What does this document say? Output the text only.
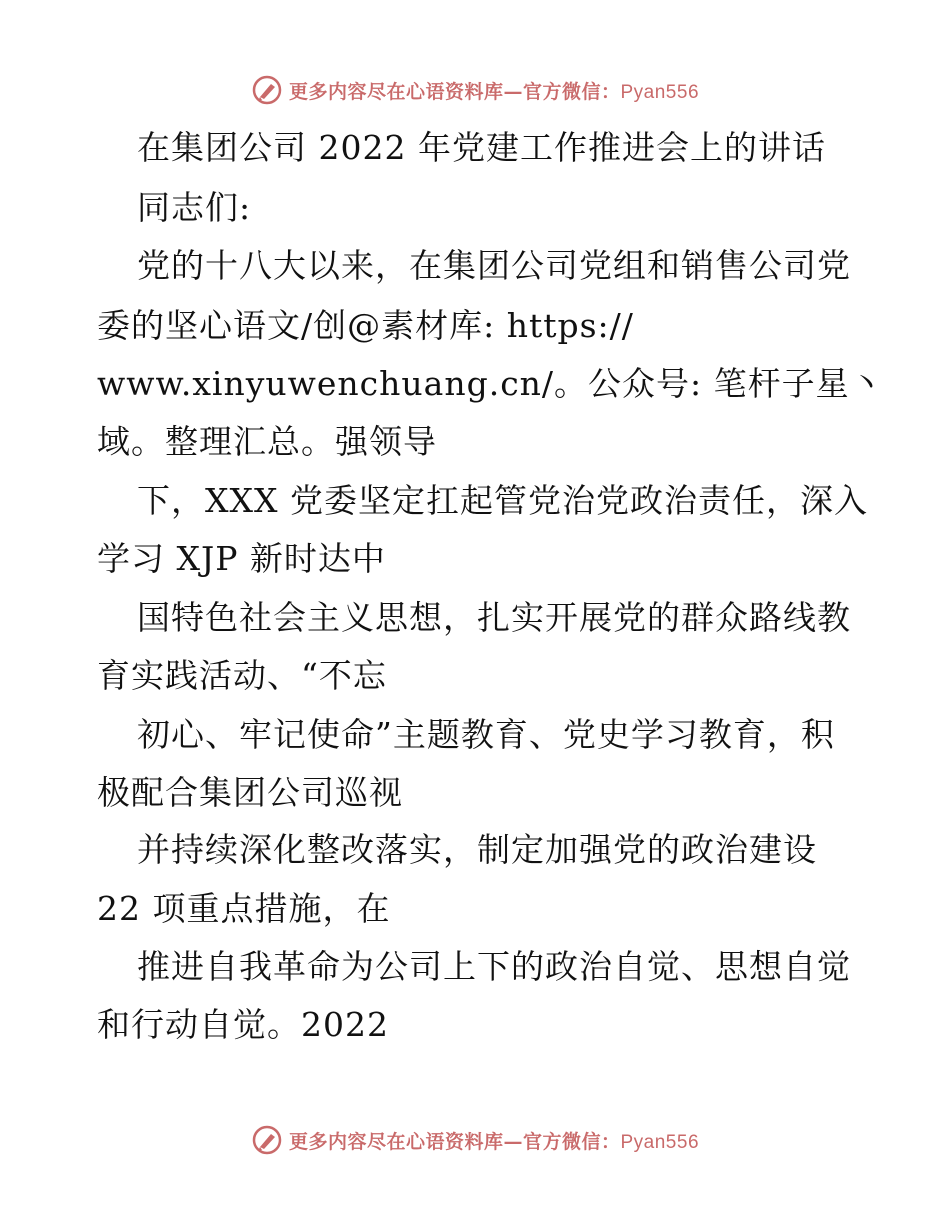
更多内容尽在心语资料库—官方微信：Pyan556
在集团公司 2022 年党建工作推进会上的讲话
同志们:
党的十八大以来，在集团公司党组和销售公司党
委的坚心语文/创@素材库: https://
www.xinyuwenchuang.cn/。公众号: 笔杆子星丶
域。整理汇总。强领导
下，XXX 党委坚定扛起管党治党政治责任，深入
学习 XJP 新时达中
国特色社会主义思想，扎实开展党的群众路线教
育实践活动、“不忘
初心、牢记使命”主题教育、党史学习教育，积
极配合集团公司巡视
并持续深化整改落实，制定加强党的政治建设
22 项重点措施，在
推进自我革命为公司上下的政治自觉、思想自觉
和行动自觉。2022
更多内容尽在心语资料库—官方微信：Pyan556
